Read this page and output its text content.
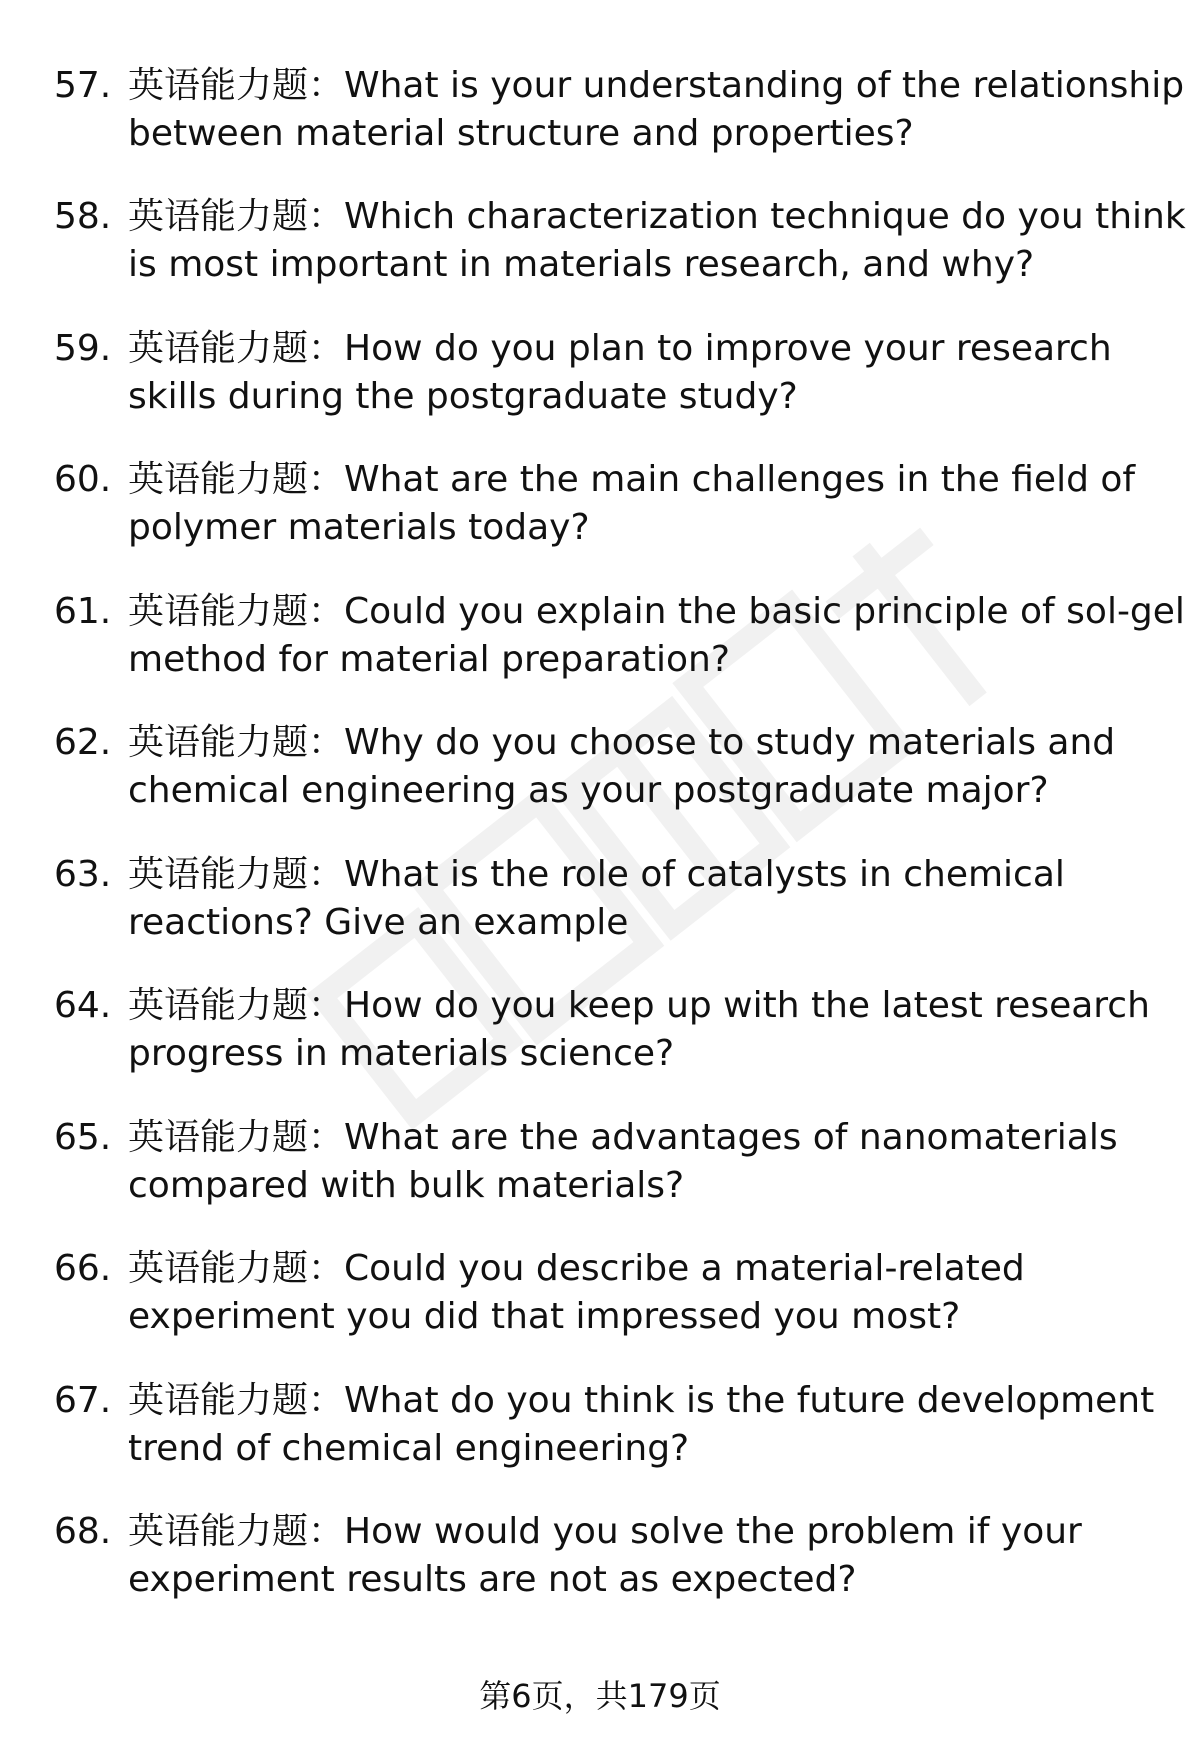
57. 英语能力题：What is your understanding of the relationship
between material structure and properties?
58. 英语能力题：Which characterization technique do you think
is most important in materials research, and why?
59. 英语能力题：How do you plan to improve your research
skills during the postgraduate study?
60. 英语能力题：What are the main challenges in the field of
polymer materials today?
61. 英语能力题：Could you explain the basic principle of sol-gel
method for material preparation?
62. 英语能力题：Why do you choose to study materials and
chemical engineering as your postgraduate major?
63. 英语能力题：What is the role of catalysts in chemical
reactions? Give an example
64. 英语能力题：How do you keep up with the latest research
progress in materials science?
65. 英语能力题：What are the advantages of nanomaterials
compared with bulk materials?
66. 英语能力题：Could you describe a material-related
experiment you did that impressed you most?
67. 英语能力题：What do you think is the future development
trend of chemical engineering?
68. 英语能力题：How would you solve the problem if your
experiment results are not as expected?
第6页，共179页
